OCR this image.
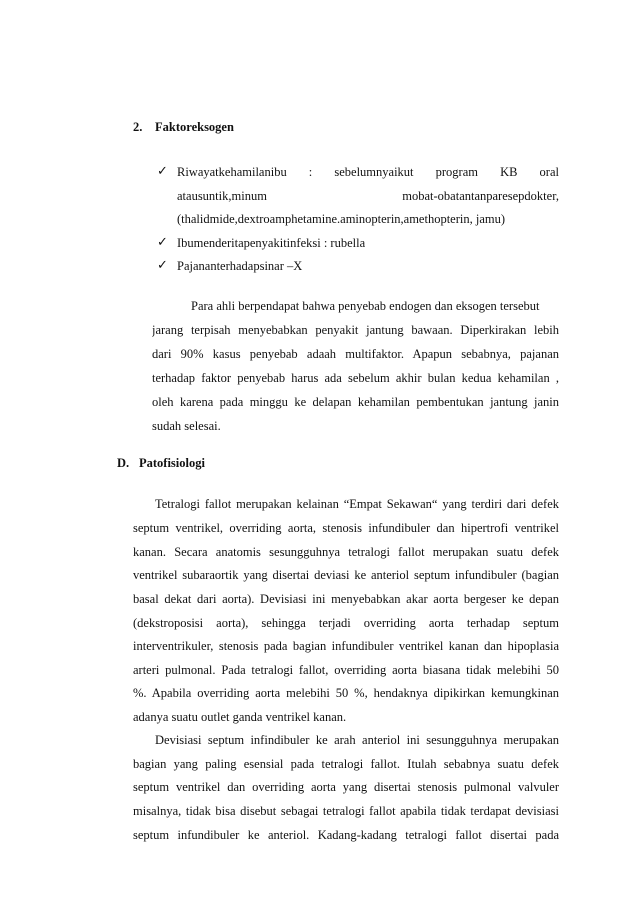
2. Faktoreksogen
✓ Riwayatkehamilanibu : sebelumnyaikut program KB oral
atausuntik,minum mobat-obatantanparesepdokter,
(thalidmide,dextroamphetamine.aminopterin,amethopterin, jamu)
✓ Ibumenderitapenyakitinfeksi : rubella
✓ Pajananterhadapsinar –X
Para ahli berpendapat bahwa penyebab endogen dan eksogen tersebut
jarang terpisah menyebabkan penyakit jantung bawaan. Diperkirakan lebih
dari 90% kasus penyebab adaah multifaktor. Apapun sebabnya, pajanan
terhadap faktor penyebab harus ada sebelum akhir bulan kedua kehamilan ,
oleh karena pada minggu ke delapan kehamilan pembentukan jantung janin
sudah selesai.
D. Patofisiologi
Tetralogi fallot merupakan kelainan “Empat Sekawan“ yang terdiri dari defek
septum ventrikel, overriding aorta, stenosis infundibuler dan hipertrofi ventrikel
kanan. Secara anatomis sesungguhnya tetralogi fallot merupakan suatu defek
ventrikel subaraortik yang disertai deviasi ke anteriol septum infundibuler (bagian
basal dekat dari aorta). Devisiasi ini menyebabkan akar aorta bergeser ke depan
(dekstroposisi aorta), sehingga terjadi overriding aorta terhadap septum
interventrikuler, stenosis pada bagian infundibuler ventrikel kanan dan hipoplasia
arteri pulmonal. Pada tetralogi fallot, overriding aorta biasana tidak melebihi 50
%. Apabila overriding aorta melebihi 50 %, hendaknya dipikirkan kemungkinan
adanya suatu outlet ganda ventrikel kanan.
Devisiasi septum infindibuler ke arah anteriol ini sesungguhnya merupakan
bagian yang paling esensial pada tetralogi fallot. Itulah sebabnya suatu defek
septum ventrikel dan overriding aorta yang disertai stenosis pulmonal valvuler
misalnya, tidak bisa disebut sebagai tetralogi fallot apabila tidak terdapat devisiasi
septum infundibuler ke anteriol. Kadang-kadang tetralogi fallot disertai pada
